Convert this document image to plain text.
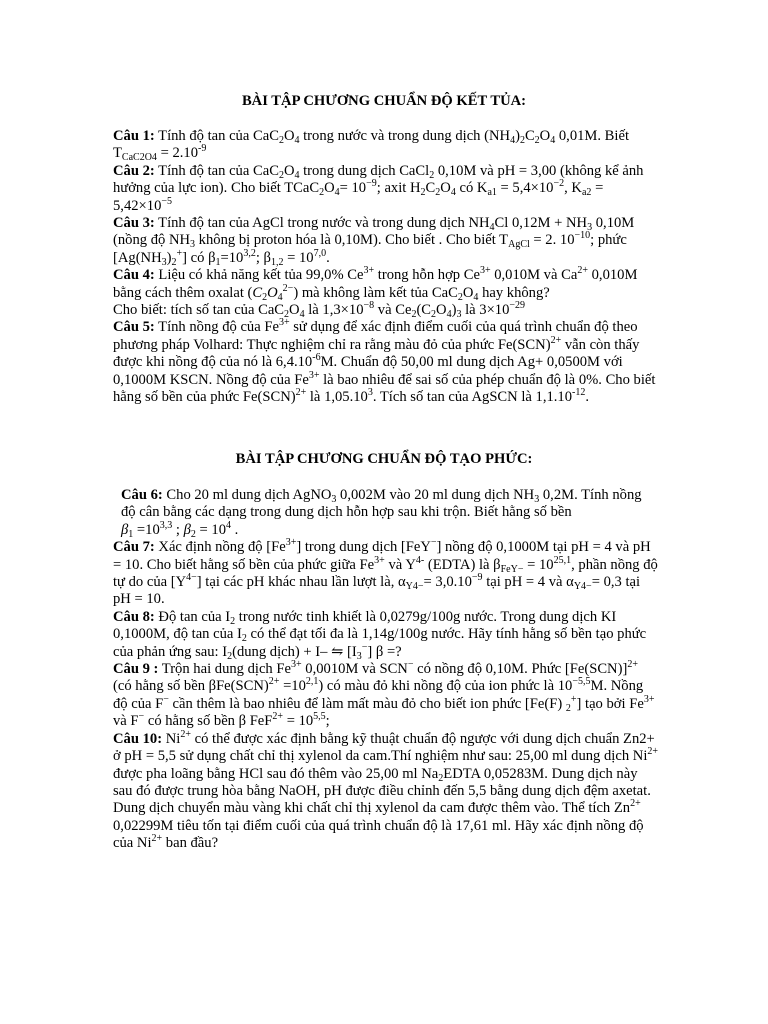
BÀI TẬP CHƯƠNG CHUẨN ĐỘ KẾT TỦA:

Câu 1: Tính độ tan của $CaC_2O_4$ trong nước và trong dung dịch $(NH_4)_2C_2O_4$ 0,01M. Biết $T_{CaC2O4} = 2.10^{-9}$

Câu 2: Tính độ tan của $CaC_2O_4$ trong dung dịch CaCl$_2$ 0,10M và pH = 3,00 (không kể ảnh hưởng của lực ion). Cho biết $TCaC_2O_4= 10^{-9}$; axit $H_2C_2O_4$ có $K_{a1} = 5,4\times 10^{-2}$, $K_{a2} = 5,42\times 10^{-5}$

Câu 3: Tính độ tan của AgCl trong nước và trong dung dịch $NH_4Cl$ $0,12M + NH_3$ 0,10M (nồng độ $NH_3$ không bị proton hóa là 0,10M). Cho biết . Cho biết $T_{AgCl} = 2$. $10^{-10}$; phức $[Ag(NH_3)_2^+]$ có $\beta_1=10^{3,2}$; $\beta_{1,2} = 10^{7,0}$.

Câu 4: Liệu có khả năng kết tủa 99,0% $Ce^{3+}$ trong hỗn hợp $Ce^{3+}$ 0,010M và $Ca^{2+}$ 0,010M bằng cách thêm oxalat $(C_2O_4^{2-})$ mà không làm kết tủa $CaC_2O_4$ hay không?
Cho biết: tích số tan của $CaC_2O_4$ là $1,3\times 10^{-8}$ và $Ce_2(C_2O_4)_3$ là $3\times 10^{-29}$

Câu 5: Tính nồng độ của $Fe^{3+}$ sử dụng để xác định điểm cuối của quá trình chuẩn độ theo phương pháp Volhard: Thực nghiệm chỉ ra rằng màu đỏ của phức Fe(SCN)$^{2+}$ vẫn còn thấy được khi nồng độ của nó là $6,4.10^{-6}M$. Chuẩn độ 50,00 ml dung dịch Ag+ 0,0500M với 0,1000M KSCN. Nồng độ của $Fe^{3+}$ là bao nhiêu để sai số của phép chuẩn độ là 0%. Cho biết hằng số bền của phức Fe(SCN)$^{2+}$ là 1,05.10$^3$. Tích số tan của AgSCN là $1,1.10^{-12}$.

BÀI TẬP CHƯƠNG CHUẨN ĐỘ TẠO PHỨC:

Câu 6: Cho 20 ml dung dịch AgNO$_3$ 0,002M vào 20 ml dung dịch $NH_3$ 0,2M. Tính nồng độ cân bằng các dạng trong dung dịch hỗn hợp sau khi trộn. Biết hằng số bền
$\beta_1 =10^{3,3}$ ; $\beta_2 = 10^4$ .

Câu 7: Xác định nồng độ $[Fe^{3+}]$ trong dung dịch [FeY−] nồng độ 0,1000M tại pH = 4 và pH = 10. Cho biết hằng số bền của phức giữa $Fe^{3+}$ và $Y^{4-}$ (EDTA) là $\beta_{FeY-} = 10^{25,1}$, phần nồng độ tự do của $[Y^{4-}]$ tại các pH khác nhau lần lượt là, $\alpha_{Y4-}= 3,0.10^{-9}$ tại pH = 4 và $\alpha_{Y4-}= 0,3$ tại pH = 10.

Câu 8: Độ tan của $I_2$ trong nước tinh khiết là 0,0279g/100g nước. Trong dung dịch KI 0,1000M, độ tan của $I_2$ có thể đạt tối đa là 1,14g/100g nước. Hãy tính hằng số bền tạo phức của phản ứng sau: $I_2(dung$ dịch) + I– ⇋ $[I_3^-]$ β =?

Câu 9 : Trộn hai dung dịch $Fe^{3+}$ 0,0010M và SCN− có nồng độ 0,10M. Phức $[Fe(SCN)]^{2+}$ (có hằng số bền $\beta Fe(SCN)^{2+} =10^{2,1}$) có màu đỏ khi nồng độ của ion phức là $10^{-5,5}M$. Nồng độ của F− cần thêm là bao nhiêu để làm mất màu đỏ cho biết ion phức [Fe(F) $_2$+] tạo bởi $Fe^{3+}$ và F− có hằng số bền β $FeF^{2+} = 10^{5,5}$;

Câu 10: $Ni^{2+}$ có thể được xác định bằng kỹ thuật chuẩn độ ngược với dung dịch chuẩn Zn2+ ở pH = 5,5 sử dụng chất chỉ thị xylenol da cam.Thí nghiệm như sau: 25,00 ml dung dịch $Ni^{2+}$ được pha loãng bằng HCl sau đó thêm vào 25,00 ml $Na_2EDTA$ 0,05283M. Dung dịch này sau đó được trung hòa bằng NaOH, pH được điều chỉnh đến 5,5 bằng dung dịch đệm axetat. Dung dịch chuyển màu vàng khi chất chỉ thị xylenol da cam được thêm vào. Thể tích $Zn^{2+}$ 0,02299M tiêu tốn tại điểm cuối của quá trình chuẩn độ là 17,61 ml. Hãy xác định nồng độ của $Ni^{2+}$ ban đầu?
